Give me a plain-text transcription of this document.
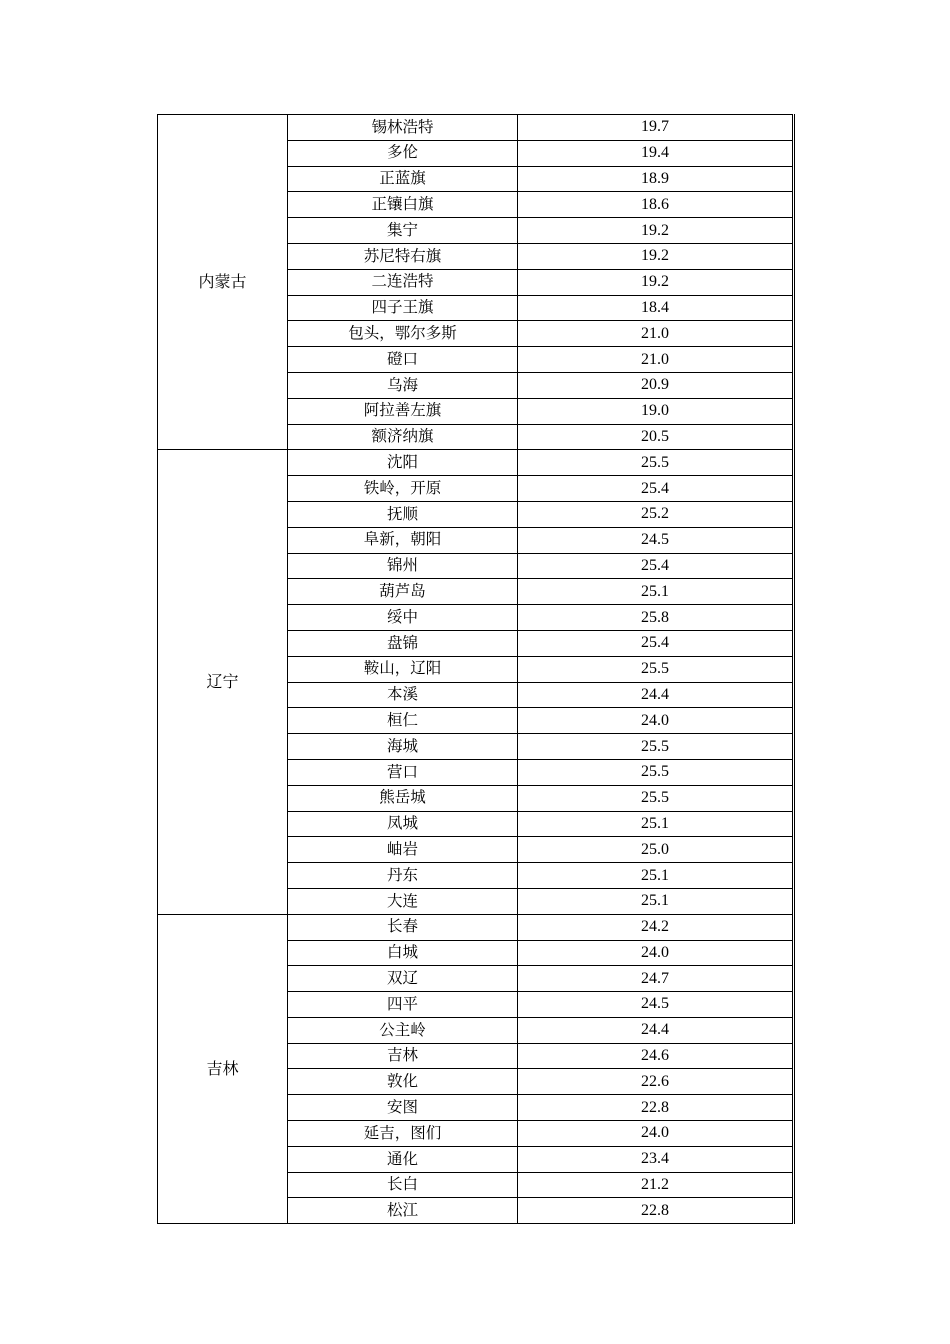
内蒙古	锡林浩特	19.7
	多伦	19.4
	正蓝旗	18.9
	正镶白旗	18.6
	集宁	19.2
	苏尼特右旗	19.2
	二连浩特	19.2
	四子王旗	18.4
	包头，鄂尔多斯	21.0
	磴口	21.0
	乌海	20.9
	阿拉善左旗	19.0
	额济纳旗	20.5
辽宁	沈阳	25.5
	铁岭，开原	25.4
	抚顺	25.2
	阜新，朝阳	24.5
	锦州	25.4
	葫芦岛	25.1
	绥中	25.8
	盘锦	25.4
	鞍山，辽阳	25.5
	本溪	24.4
	桓仁	24.0
	海城	25.5
	营口	25.5
	熊岳城	25.5
	凤城	25.1
	岫岩	25.0
	丹东	25.1
	大连	25.1
吉林	长春	24.2
	白城	24.0
	双辽	24.7
	四平	24.5
	公主岭	24.4
	吉林	24.6
	敦化	22.6
	安图	22.8
	延吉，图们	24.0
	通化	23.4
	长白	21.2
	松江	22.8
